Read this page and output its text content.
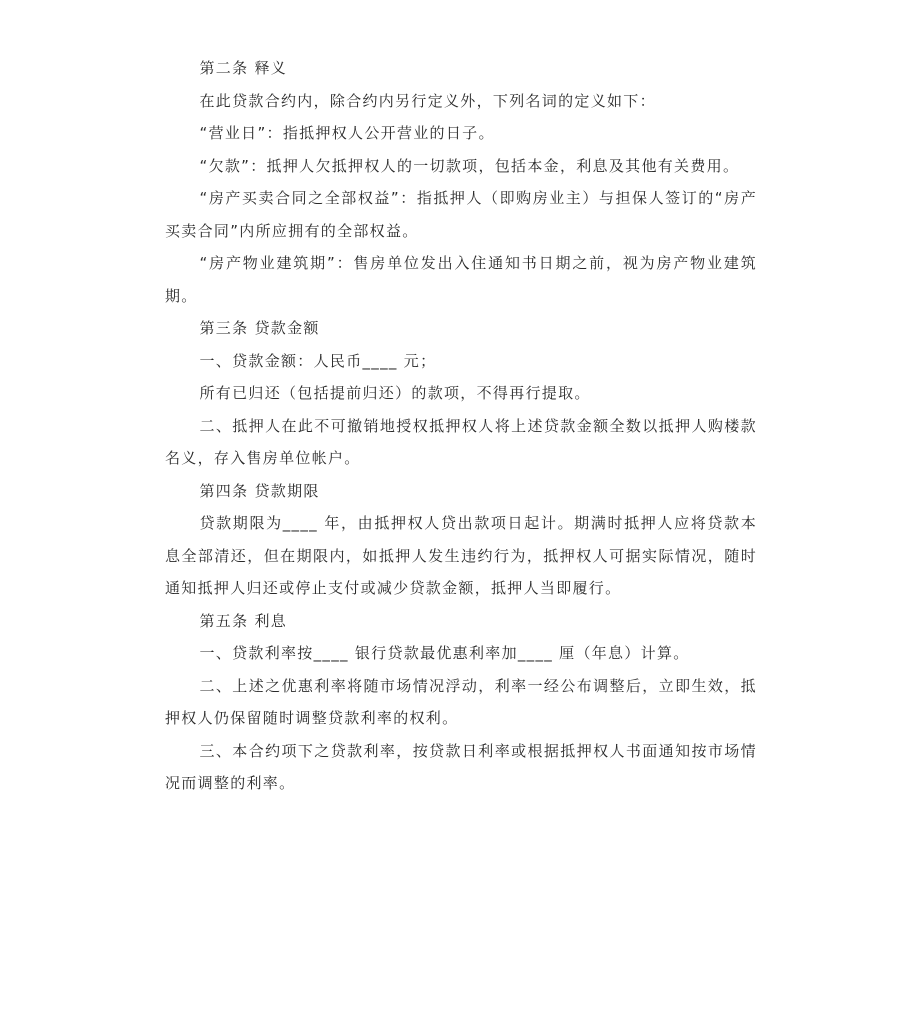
第二条 释义

在此贷款合约内，除合约内另行定义外，下列名词的定义如下：

“营业日”：指抵押权人公开营业的日子。

“欠款”：抵押人欠抵押权人的一切款项，包括本金，利息及其他有关费用。

“房产买卖合同之全部权益”：指抵押人（即购房业主）与担保人签订的“房产买卖合同”内所应拥有的全部权益。

“房产物业建筑期”：售房单位发出入住通知书日期之前，视为房产物业建筑期。

第三条 贷款金额

一、贷款金额：人民币____ 元；

所有已归还（包括提前归还）的款项，不得再行提取。

二、抵押人在此不可撤销地授权抵押权人将上述贷款金额全数以抵押人购楼款名义，存入售房单位帐户。

第四条 贷款期限

贷款期限为____ 年，由抵押权人贷出款项日起计。期满时抵押人应将贷款本息全部清还，但在期限内，如抵押人发生违约行为，抵押权人可据实际情况，随时通知抵押人归还或停止支付或减少贷款金额，抵押人当即履行。

第五条 利息

一、贷款利率按____ 银行贷款最优惠利率加____ 厘（年息）计算。

二、上述之优惠利率将随市场情况浮动，利率一经公布调整后，立即生效，抵押权人仍保留随时调整贷款利率的权利。

三、本合约项下之贷款利率，按贷款日利率或根据抵押权人书面通知按市场情况而调整的利率。
